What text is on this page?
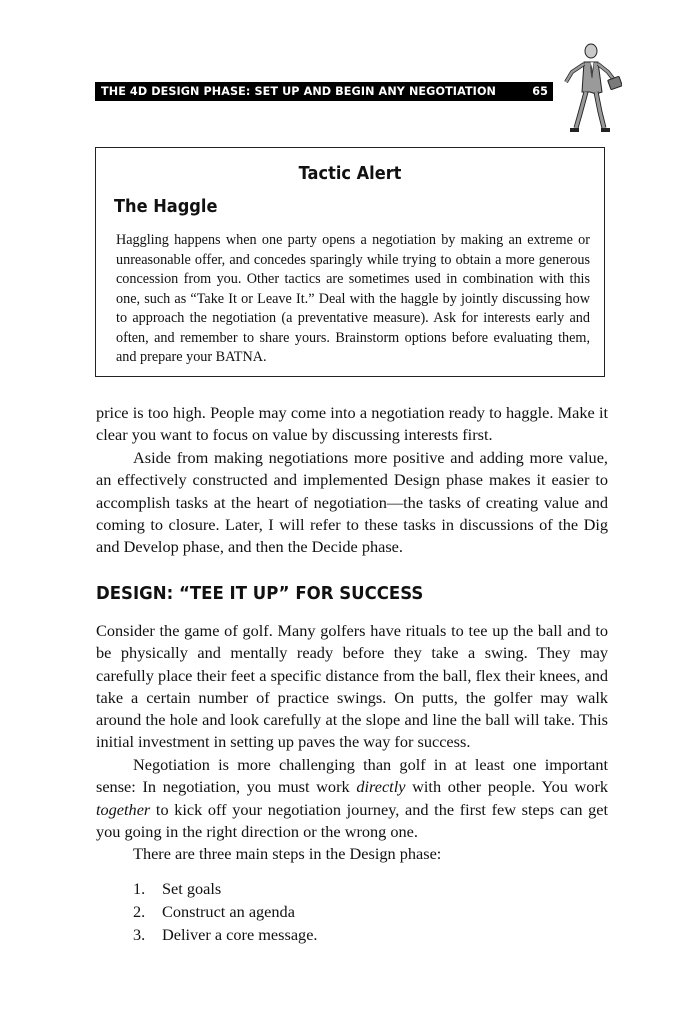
THE 4D DESIGN PHASE: SET UP AND BEGIN ANY NEGOTIATION	65
Tactic Alert
The Haggle

Haggling happens when one party opens a negotiation by making an extreme or unreasonable offer, and concedes sparingly while trying to obtain a more generous concession from you. Other tactics are sometimes used in combination with this one, such as “Take It or Leave It.” Deal with the haggle by jointly discussing how to approach the negotiation (a preventative measure). Ask for interests early and often, and remember to share yours. Brainstorm options before evaluating them, and prepare your BATNA.

price is too high. People may come into a negotiation ready to haggle. Make it clear you want to focus on value by discussing interests first.

Aside from making negotiations more positive and adding more value, an effectively constructed and implemented Design phase makes it easier to accomplish tasks at the heart of negotiation—the tasks of creating value and coming to closure. Later, I will refer to these tasks in discussions of the Dig and Develop phase, and then the Decide phase.

DESIGN: “TEE IT UP” FOR SUCCESS

Consider the game of golf. Many golfers have rituals to tee up the ball and to be physically and mentally ready before they take a swing. They may carefully place their feet a specific distance from the ball, flex their knees, and take a certain number of practice swings. On putts, the golfer may walk around the hole and look carefully at the slope and line the ball will take. This initial investment in setting up paves the way for success.

Negotiation is more challenging than golf in at least one important sense: In negotiation, you must work directly with other people. You work together to kick off your negotiation journey, and the first few steps can get you going in the right direction or the wrong one.

There are three main steps in the Design phase:

1. Set goals
2. Construct an agenda
3. Deliver a core message.
